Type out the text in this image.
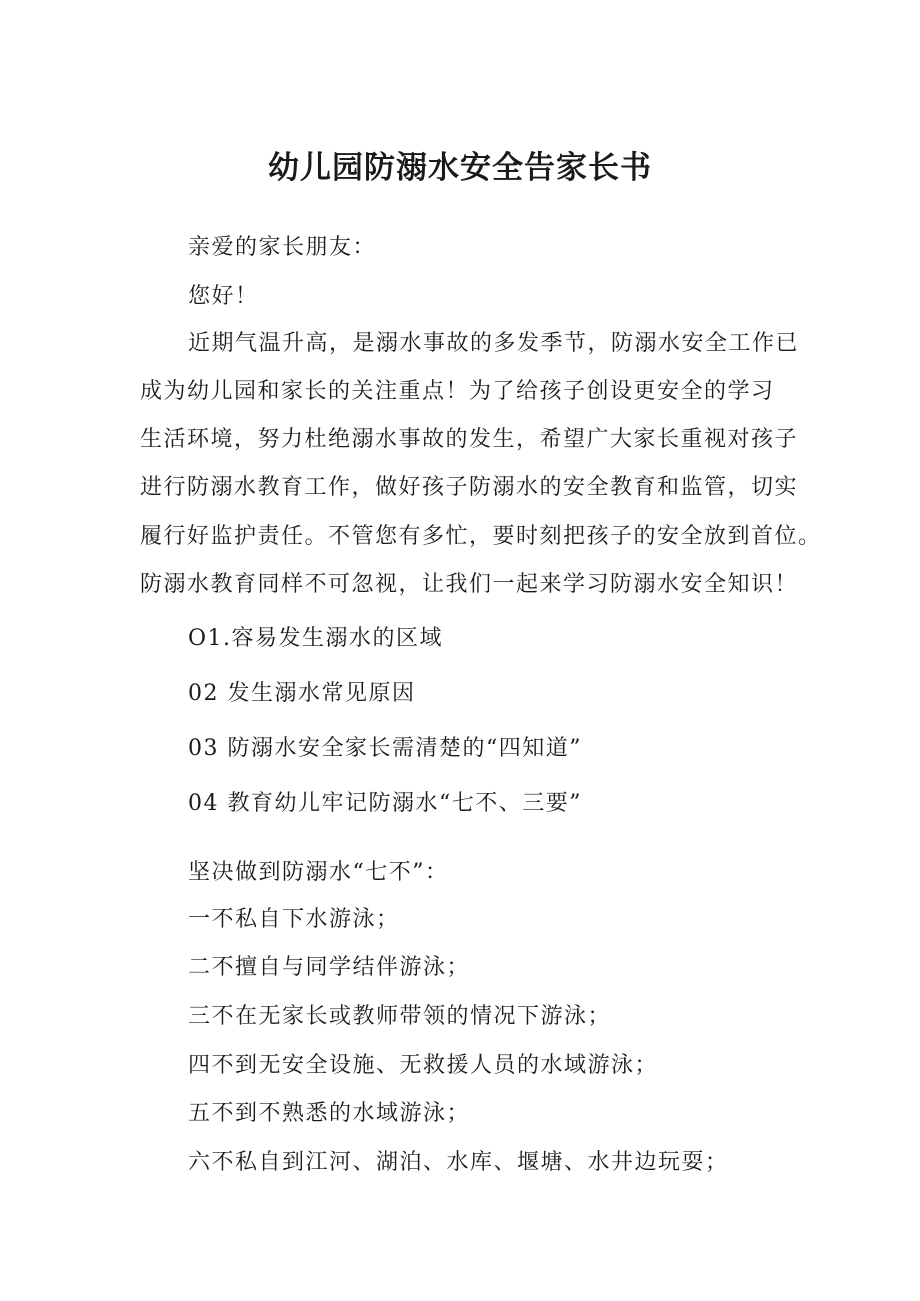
幼儿园防溺水安全告家长书
亲爱的家长朋友：
您好！
近期气温升高，是溺水事故的多发季节，防溺水安全工作已
成为幼儿园和家长的关注重点！为了给孩子创设更安全的学习
生活环境，努力杜绝溺水事故的发生，希望广大家长重视对孩子
进行防溺水教育工作，做好孩子防溺水的安全教育和监管，切实
履行好监护责任。不管您有多忙，要时刻把孩子的安全放到首位。
防溺水教育同样不可忽视，让我们一起来学习防溺水安全知识！
O1.容易发生溺水的区域
02 发生溺水常见原因
03 防溺水安全家长需清楚的“四知道”
04 教育幼儿牢记防溺水“七不、三要”
坚决做到防溺水“七不”：
一不私自下水游泳；
二不擅自与同学结伴游泳；
三不在无家长或教师带领的情况下游泳；
四不到无安全设施、无救援人员的水域游泳；
五不到不熟悉的水域游泳；
六不私自到江河、湖泊、水库、堰塘、水井边玩耍；
